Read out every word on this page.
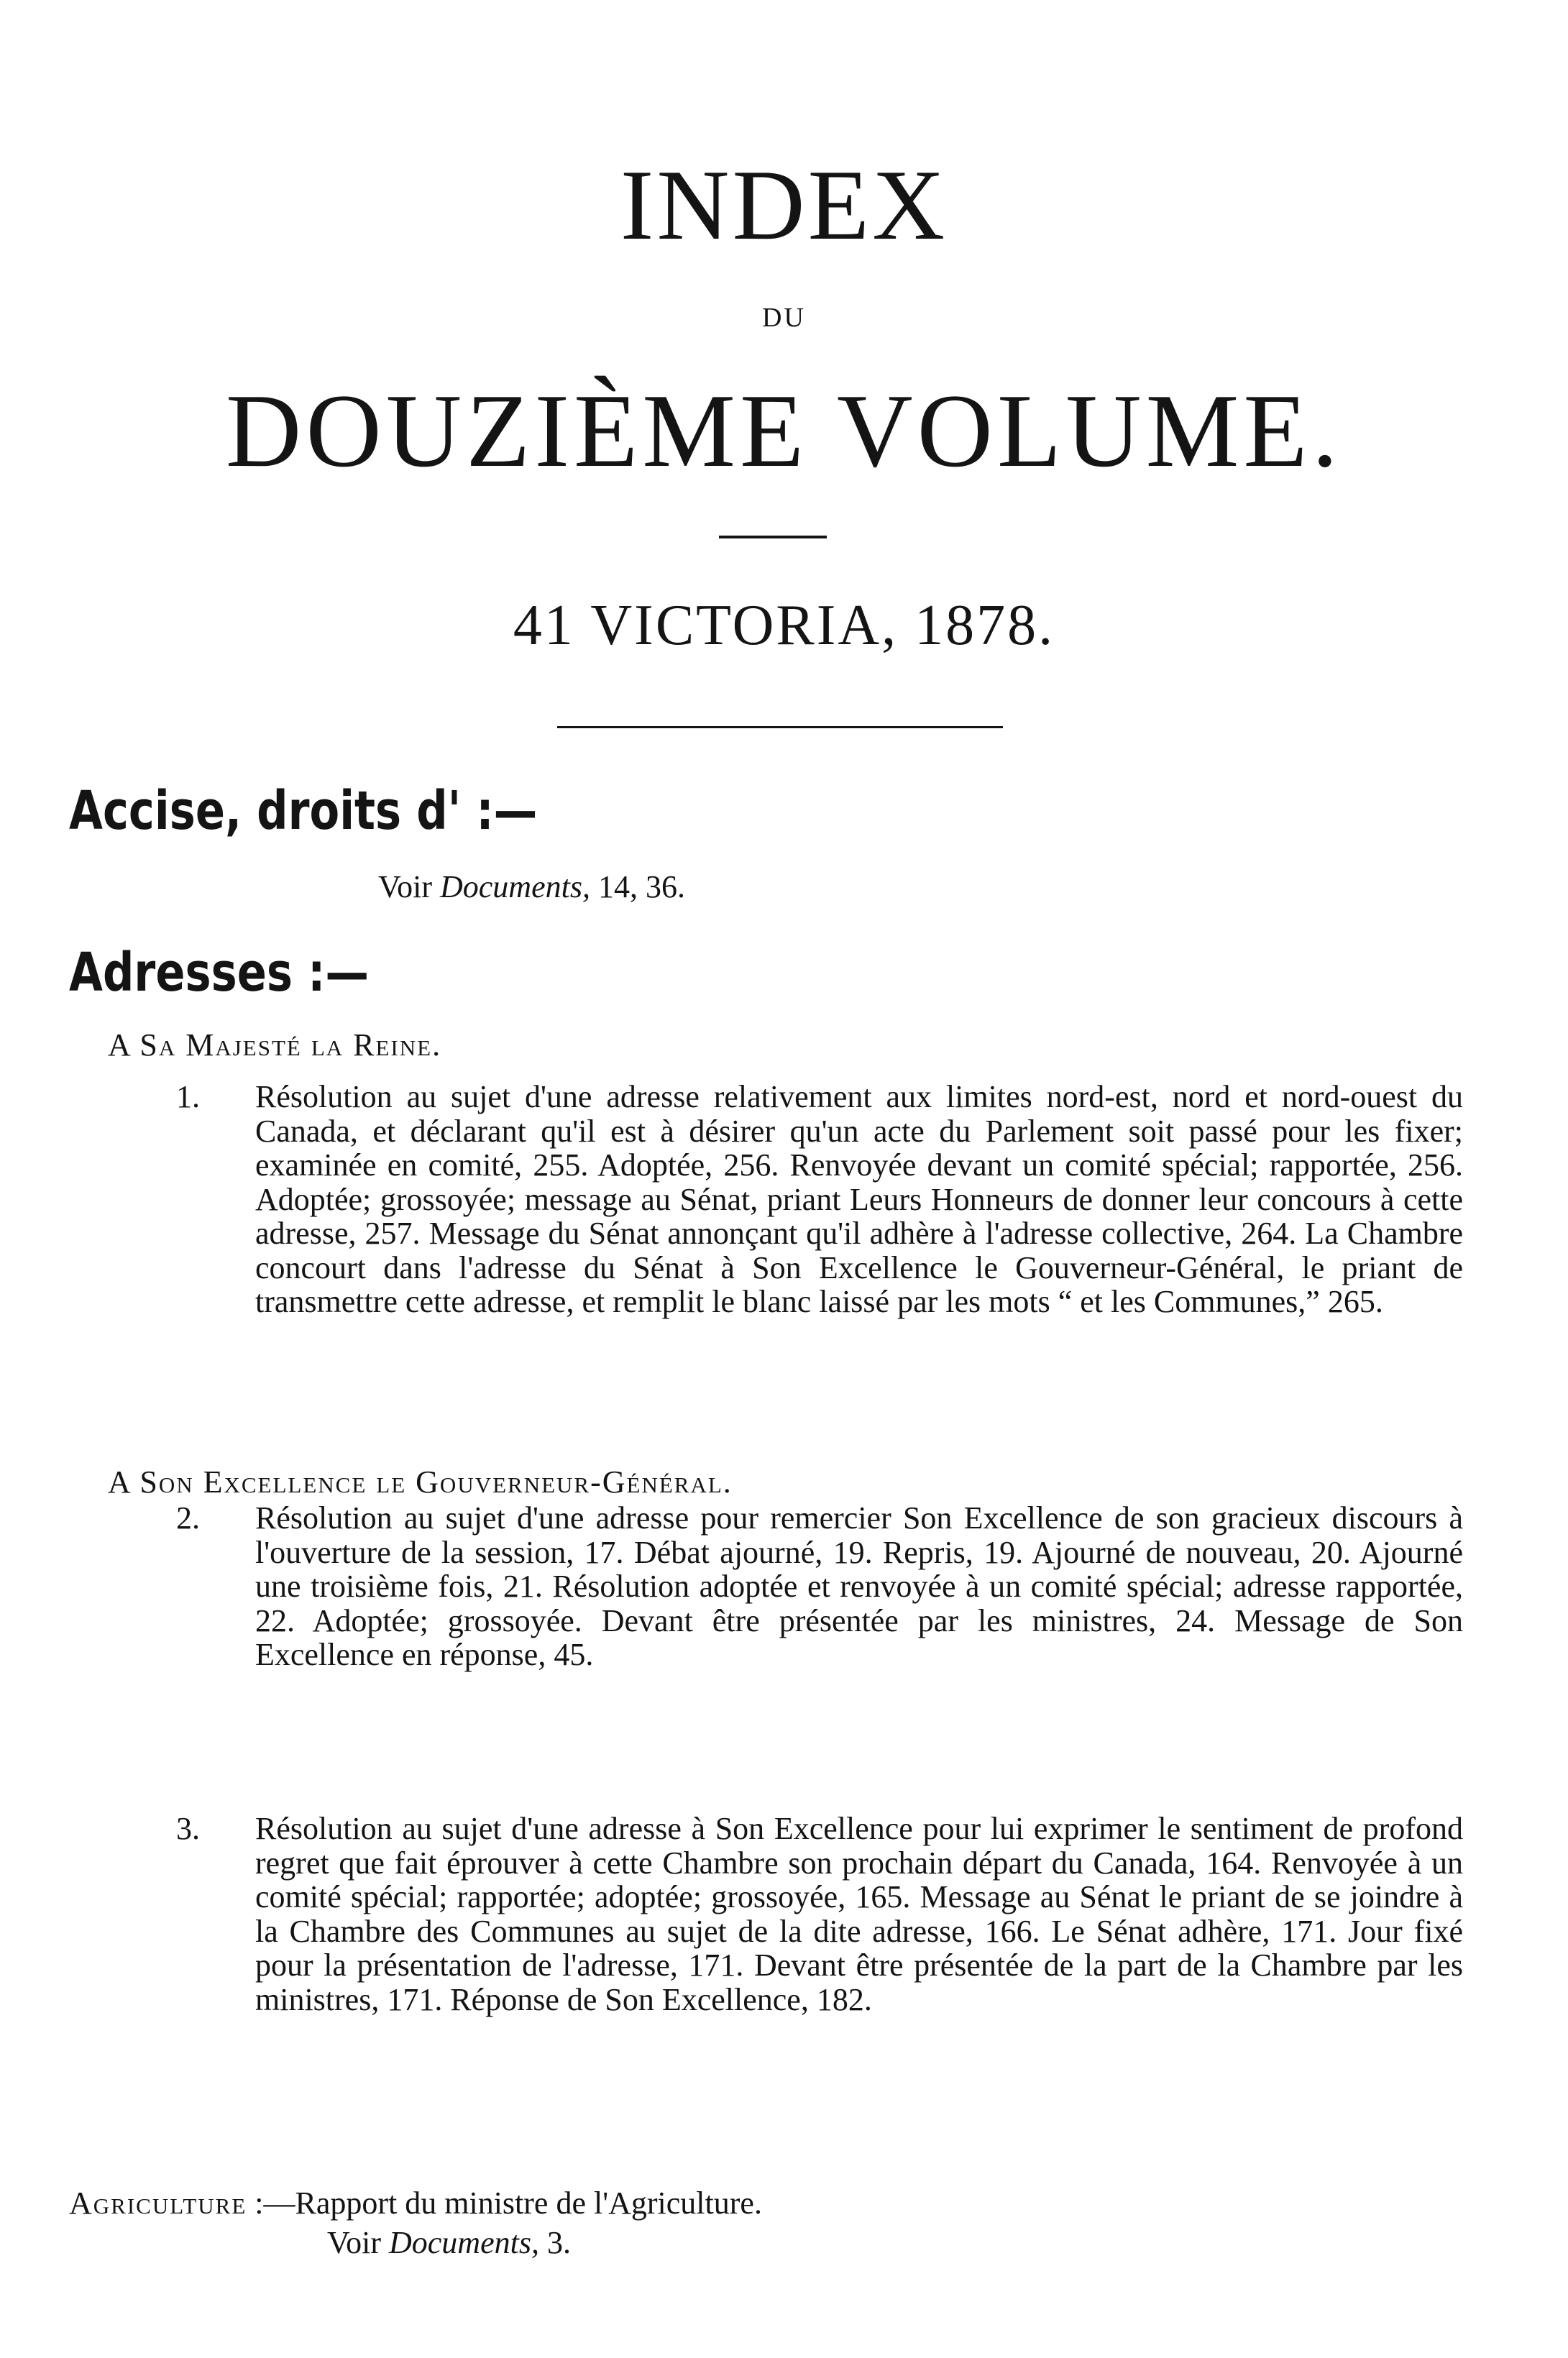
INDEX
DU
DOUZIÈME VOLUME.
41 VICTORIA, 1878.
Accise, droits d' :—

Voir Documents, 14, 36.

Adresses :—

A Sa Majesté la Reine.

1. Résolution au sujet d'une adresse relativement aux limites nord-est, nord et nord-ouest du Canada, et déclarant qu'il est à désirer qu'un acte du Parlement soit passé pour les fixer; examinée en comité, 255. Adoptée, 256. Renvoyée devant un comité spécial; rapportée, 256. Adoptée; grossoyée; message au Sénat, priant Leurs Honneurs de donner leur concours à cette adresse, 257. Message du Sénat annonçant qu'il adhère à l'adresse collective, 264. La Chambre concourt dans l'adresse du Sénat à Son Excellence le Gouverneur-Général, le priant de transmettre cette adresse, et remplit le blanc laissé par les mots “ et les Communes,” 265.

A Son Excellence le Gouverneur-Général.

2. Résolution au sujet d'une adresse pour remercier Son Excellence de son gracieux discours à l'ouverture de la session, 17. Débat ajourné, 19. Repris, 19. Ajourné de nouveau, 20. Ajourné une troisième fois, 21. Résolution adoptée et renvoyée à un comité spécial; adresse rapportée, 22. Adoptée; grossoyée. Devant être présentée par les ministres, 24. Message de Son Excellence en réponse, 45.
3. Résolution au sujet d'une adresse à Son Excellence pour lui exprimer le sentiment de profond regret que fait éprouver à cette Chambre son prochain départ du Canada, 164. Renvoyée à un comité spécial; rapportée; adoptée; grossoyée, 165. Message au Sénat le priant de se joindre à la Chambre des Communes au sujet de la dite adresse, 166. Le Sénat adhère, 171. Jour fixé pour la présentation de l'adresse, 171. Devant être présentée de la part de la Chambre par les ministres, 171. Réponse de Son Excellence, 182.

Agriculture :—Rapport du ministre de l'Agriculture.

Voir Documents, 3.
